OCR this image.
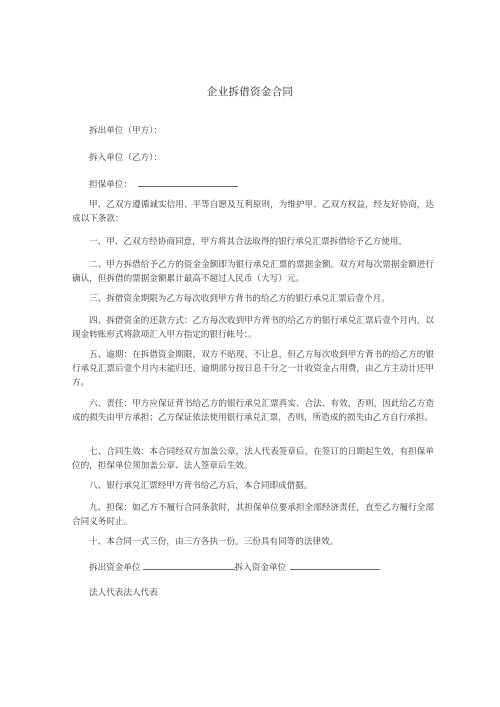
企业拆借资金合同
拆出单位（甲方）：
拆入单位（乙方）：
担保单位：
甲、乙双方遵循诚实信用、平等自愿及互利原则，为维护甲、乙双方权益，经友好协商，达成以下条款：
一、甲、乙双方经协商同意，甲方将其合法取得的银行承兑汇票拆借给予乙方使用。
二、甲方拆借给予乙方的资金金额即为银行承兑汇票的票据金额。双方对每次票据金额进行确认，但拆借的票据金额累计最高不超过人民币（大写）元。
三、拆借资金期限为乙方每次收到甲方背书的给乙方的银行承兑汇票后壹个月。
四、拆借资金的还款方式：乙方每次收到甲方背书的给乙方的银行承兑汇票后壹个月内，以现金转账形式将款项汇入甲方指定的银行帐号：。
五、逾期：在拆借资金期限，双方不贴现、不让息，但乙方每次收到甲方背书的给乙方的银行承兑汇票后壹个月内未能归还，逾期部分按日息千分之一计收资金占用费，由乙方主动计还甲方。
六、责任：甲方应保证背书给乙方的银行承兑汇票真实、合法、有效，否则，因此给乙方造成的损失由甲方承担；乙方保证依法使用银行承兑汇票，否则，所造成的损失由乙方自行承担。
七、合同生效：本合同经双方加盖公章，法人代表签章后，在签订的日期起生效，有担保单位的，担保单位须加盖公章、法人签章后生效。
八、银行承兑汇票经甲方背书给乙方后，本合同即成借据。
九、担保：如乙方不履行合同条款时，其担保单位要承担全部经济责任，直至乙方履行全部合同义务时止。
十、本合同一式三份，由三方各执一份。三份具有同等的法律效。
拆出资金单位	拆入资金单位
法人代表法人代表
